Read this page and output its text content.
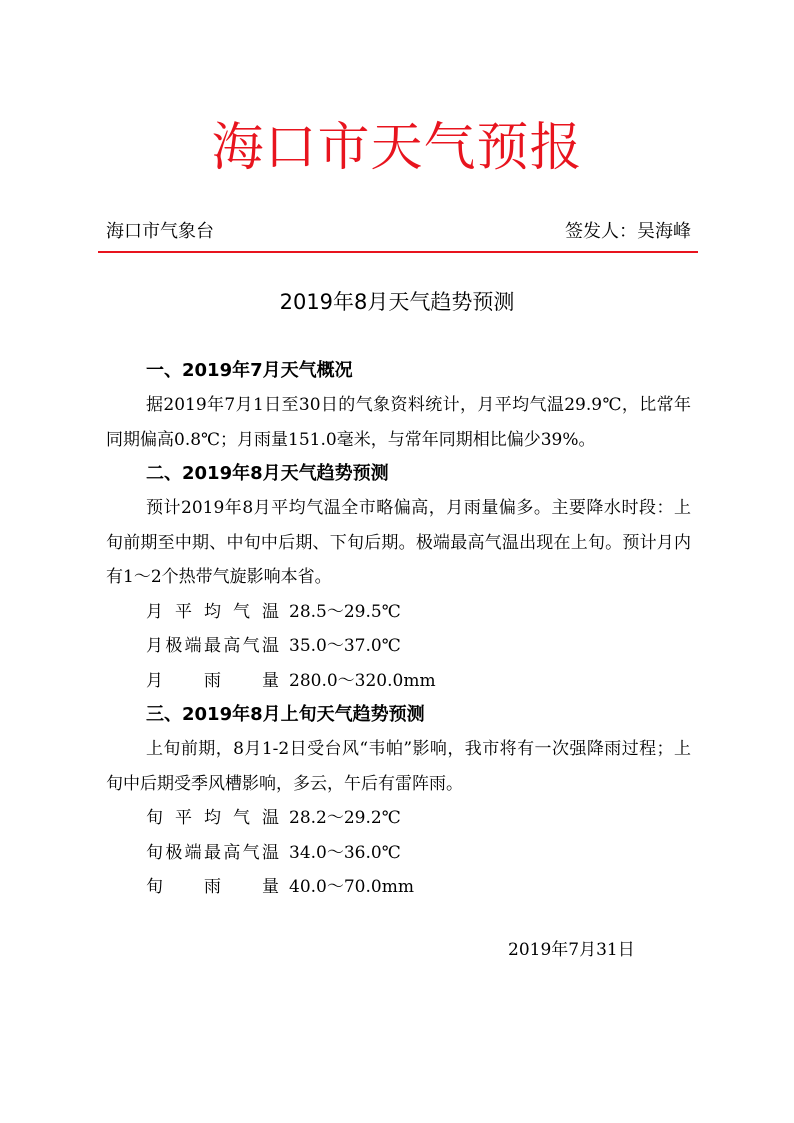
海口市天气预报
海口市气象台	签发人：吴海峰
2019年8月天气趋势预测

一、2019年7月天气概况

据2019年7月1日至30日的气象资料统计，月平均气温29.9℃，比常年同期偏高0.8℃；月雨量151.0毫米，与常年同期相比偏少39%。

二、2019年8月天气趋势预测

预计2019年8月平均气温全市略偏高，月雨量偏多。主要降水时段：上旬前期至中期、中旬中后期、下旬后期。极端最高气温出现在上旬。预计月内有1～2个热带气旋影响本省。

月平均气温 28.5～29.5℃

月极端最高气温 35.0～37.0℃

月雨量 280.0～320.0mm

三、2019年8月上旬天气趋势预测

上旬前期，8月1-2日受台风“韦帕”影响，我市将有一次强降雨过程；上旬中后期受季风槽影响，多云，午后有雷阵雨。

旬平均气温 28.2～29.2℃

旬极端最高气温 34.0～36.0℃

旬雨量 40.0～70.0mm

2019年7月31日
